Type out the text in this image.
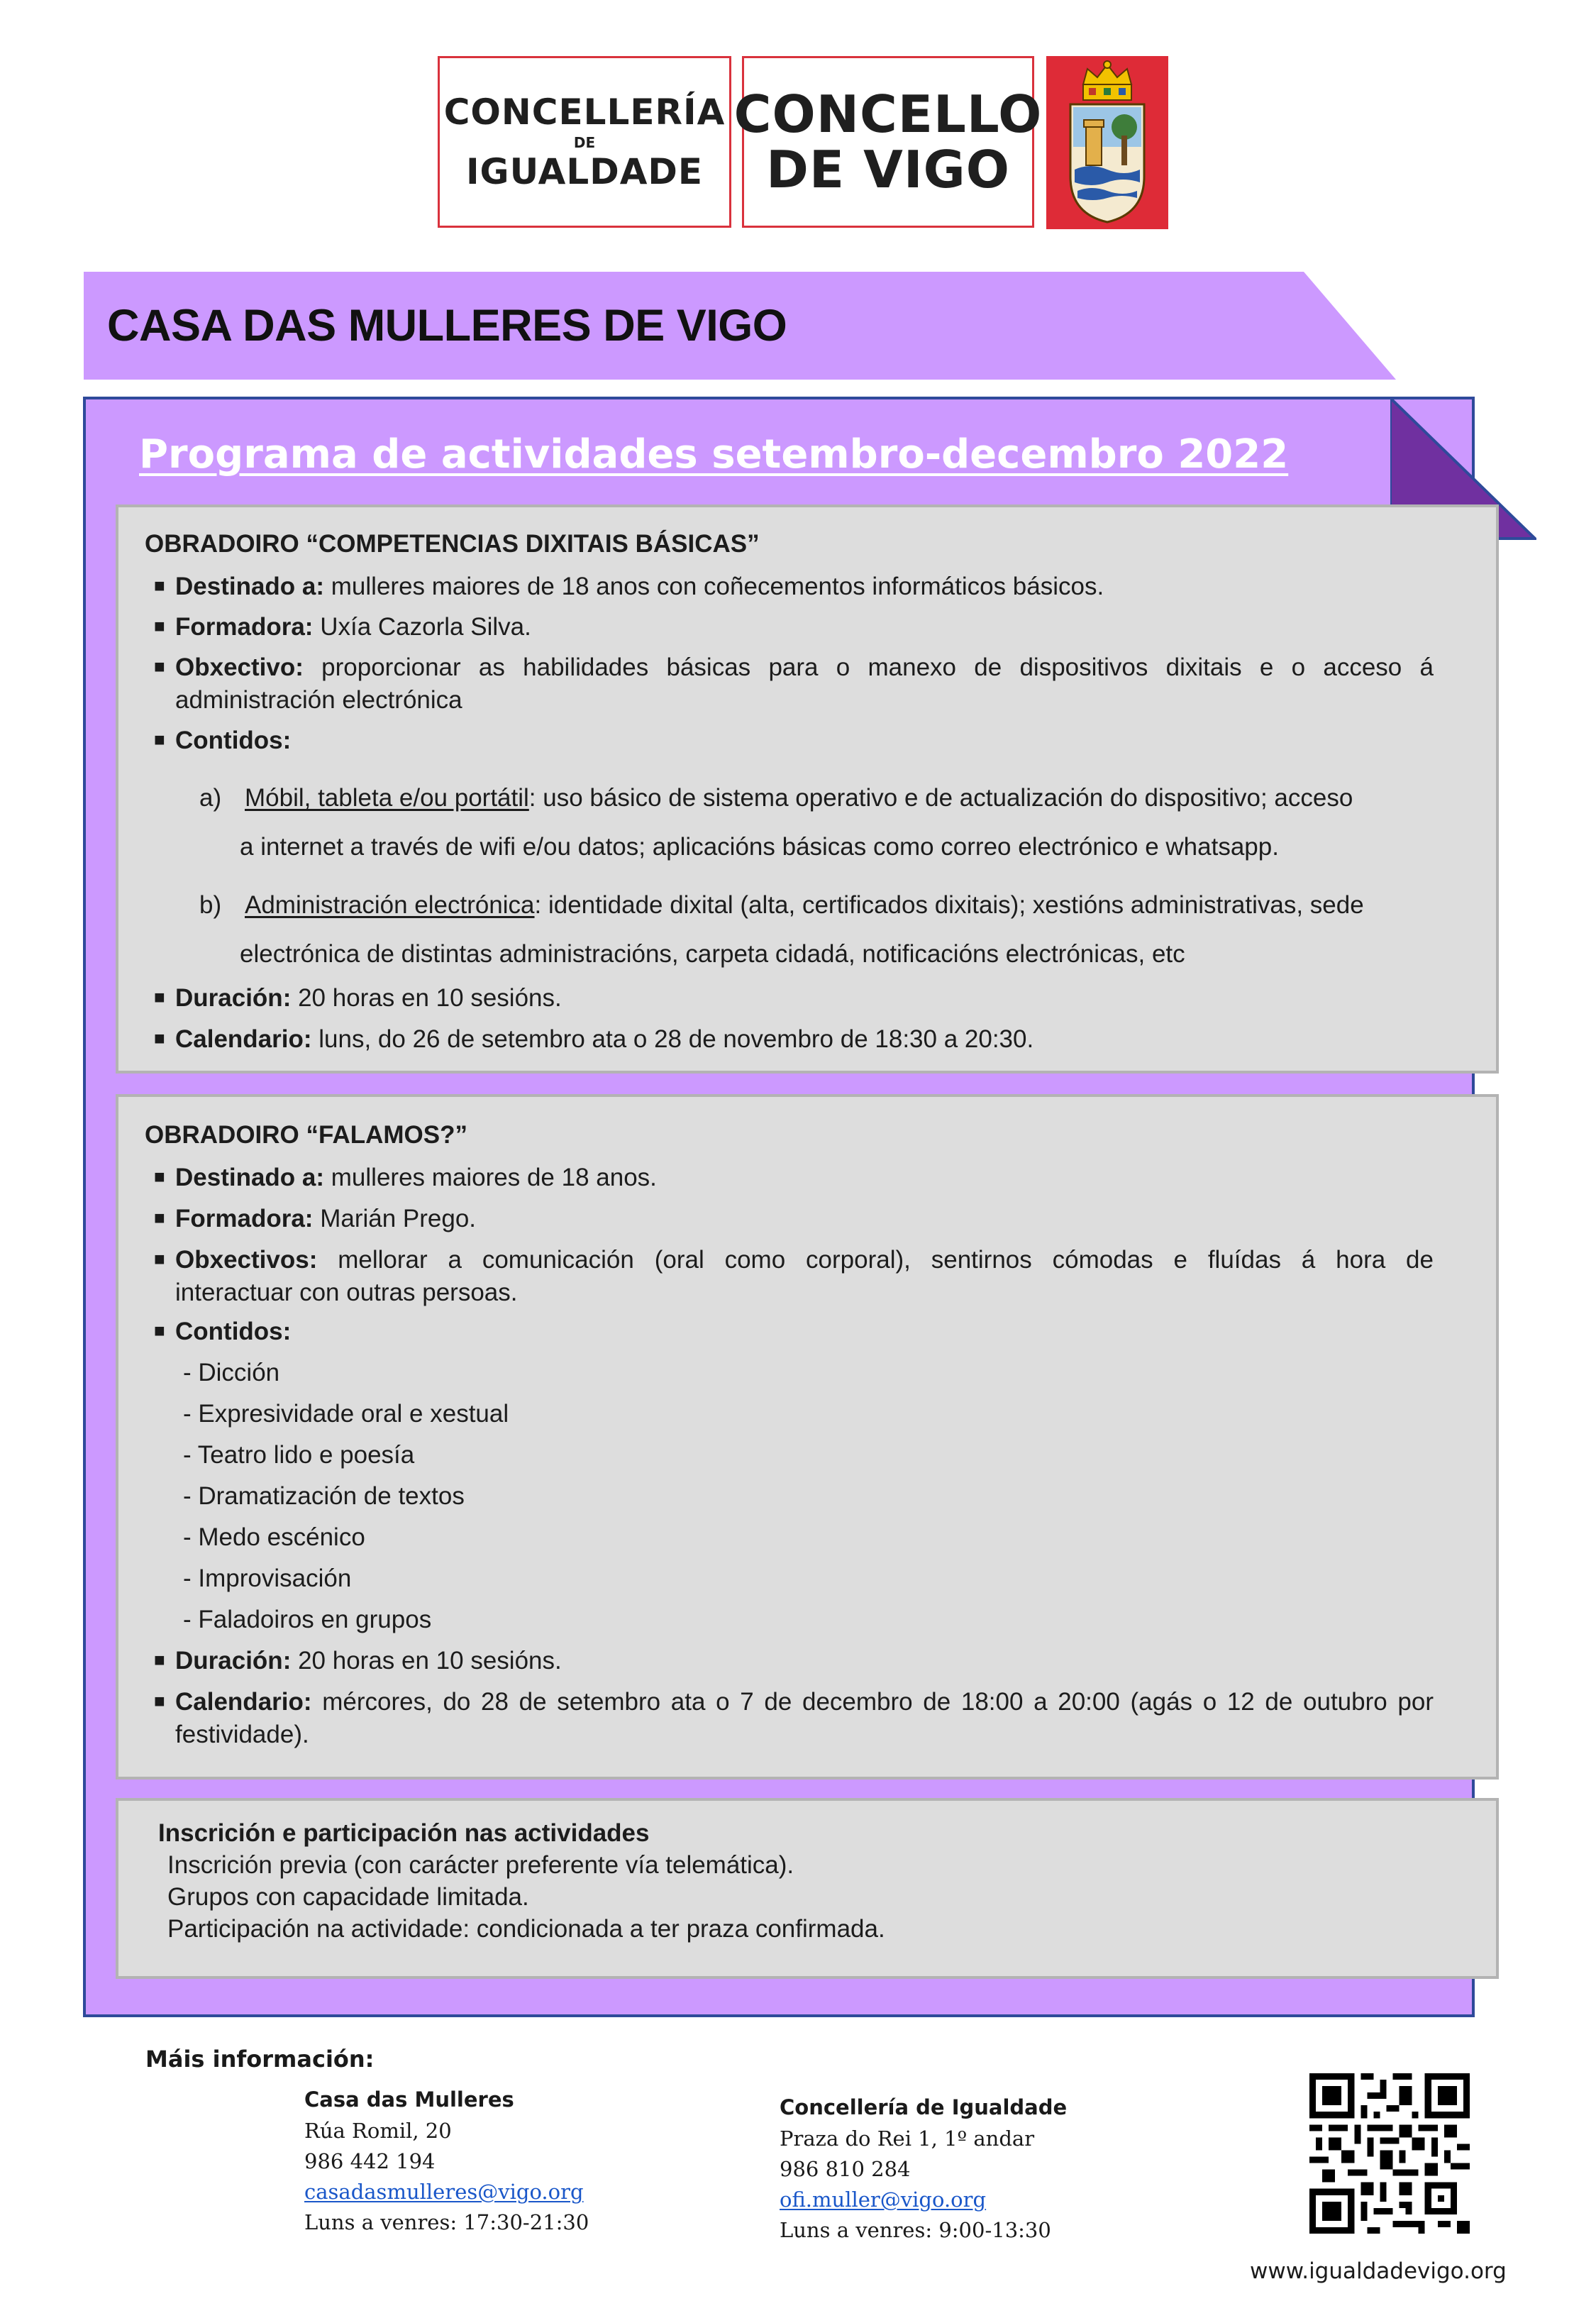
CONCELLERÍA
DE
IGUALDADE
CONCELLO
DE VIGO
CASA DAS MULLERES DE VIGO
Programa de actividades setembro-decembro 2022
OBRADOIRO “COMPETENCIAS DIXITAIS BÁSICAS”
■ Destinado a: mulleres maiores de 18 anos con coñecementos informáticos básicos.
■ Formadora: Uxía Cazorla Silva.
■ Obxectivo: proporcionar as habilidades básicas para o manexo de dispositivos dixitais e o acceso á
administración electrónica
■ Contidos:
a) Móbil, tableta e/ou portátil: uso básico de sistema operativo e de actualización do dispositivo; acceso
a internet a través de wifi e/ou datos; aplicacións básicas como correo electrónico e whatsapp.
b) Administración electrónica: identidade dixital (alta, certificados dixitais); xestións administrativas, sede
electrónica de distintas administracións, carpeta cidadá, notificacións electrónicas, etc
■ Duración: 20 horas en 10 sesións.
■ Calendario: luns, do 26 de setembro ata o 28 de novembro de 18:30 a 20:30.
OBRADOIRO “FALAMOS?”
■ Destinado a: mulleres maiores de 18 anos.
■ Formadora: Marián Prego.
■ Obxectivos: mellorar a comunicación (oral como corporal), sentirnos cómodas e fluídas á hora de
interactuar con outras persoas.
■ Contidos:
- Dicción
- Expresividade oral e xestual
- Teatro lido e poesía
- Dramatización de textos
- Medo escénico
- Improvisación
- Faladoiros en grupos
■ Duración: 20 horas en 10 sesións.
■ Calendario: mércores, do 28 de setembro ata o 7 de decembro de 18:00 a 20:00 (agás o 12 de outubro por
festividade).
Inscrición e participación nas actividades
Inscrición previa (con carácter preferente vía telemática).
Grupos con capacidade limitada.
Participación na actividade: condicionada a ter praza confirmada.
Máis información:
Casa das Mulleres
Rúa Romil, 20
986 442 194
casadasmulleres@vigo.org
Luns a venres: 17:30-21:30
Concellería de Igualdade
Praza do Rei 1, 1º andar
986 810 284
ofi.muller@vigo.org
Luns a venres: 9:00-13:30
www.igualdadevigo.org
